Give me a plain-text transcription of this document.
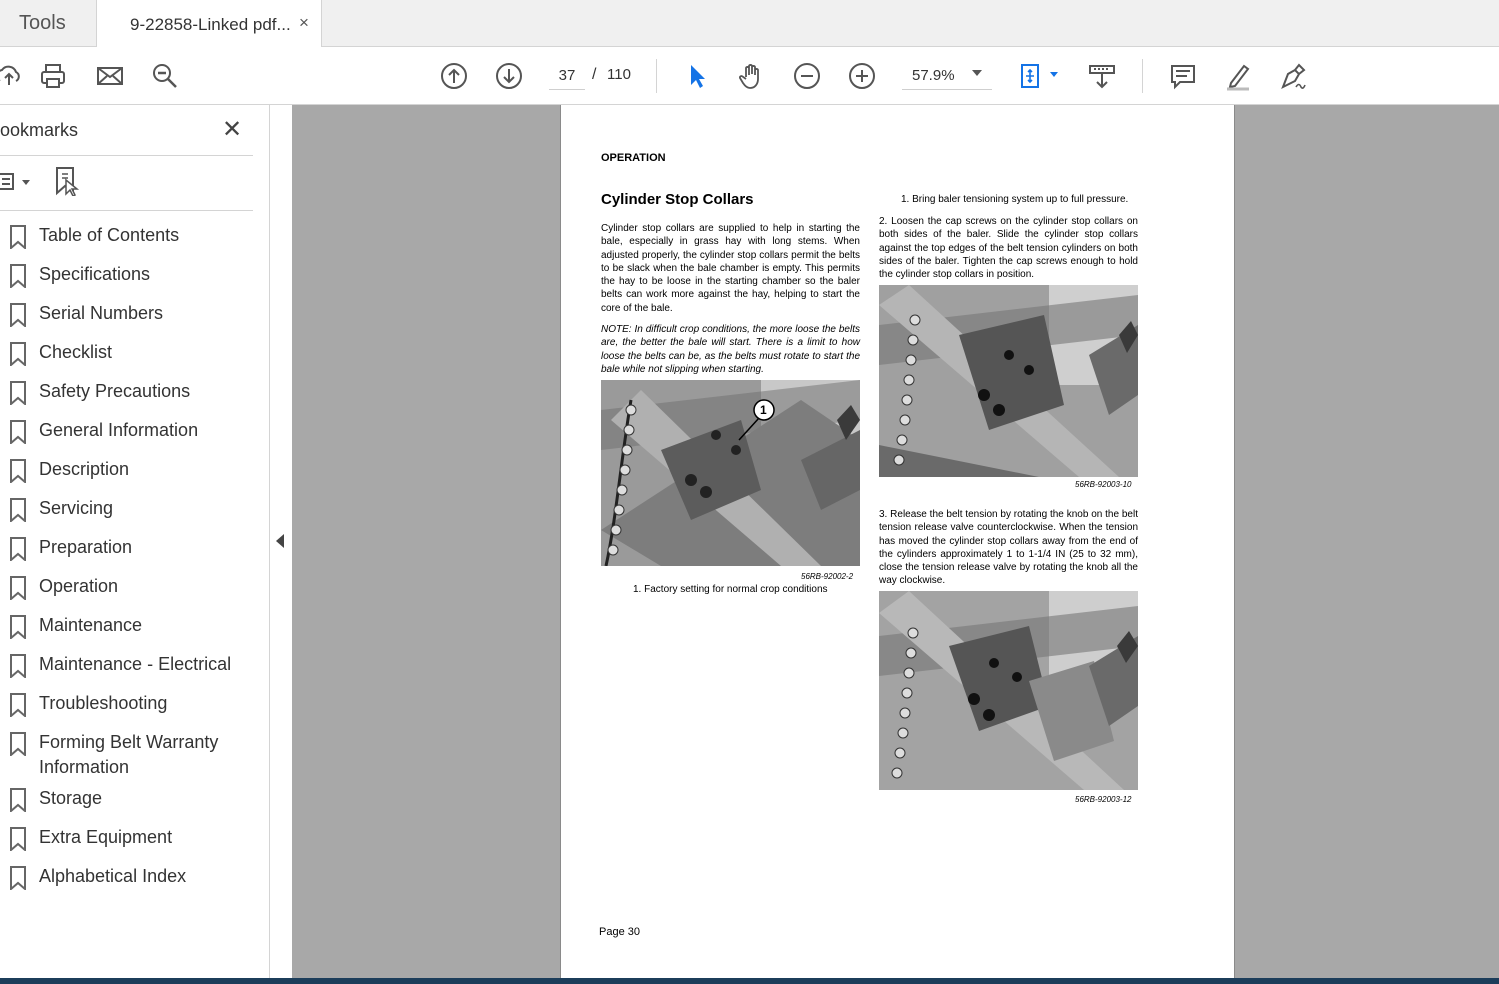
Tools	9-22858-Linked pdf... ×
37
/ 110	57.9%
ookmarks	✕
Table of Contents
Specifications
Serial Numbers
Checklist
Safety Precautions
General Information
Description
Servicing
Preparation
Operation
Maintenance
Maintenance - Electrical
Troubleshooting
Forming Belt Warranty Information
Storage
Extra Equipment
Alphabetical Index
OPERATION
Cylinder Stop Collars
Cylinder stop collars are supplied to help in starting the bale, especially in grass hay with long stems. When adjusted properly, the cylinder stop collars permit the belts to be slack when the bale chamber is empty. This permits the hay to be loose in the starting chamber so the baler belts can work more against the hay, helping to start the core of the bale.
NOTE: In difficult crop conditions, the more loose the belts are, the better the bale will start. There is a limit to how loose the belts can be, as the belts must rotate to start the bale while not slipping when starting.
1
56RB-92002-2
1. Factory setting for normal crop conditions
1. Bring baler tensioning system up to full pressure.
2. Loosen the cap screws on the cylinder stop collars on both sides of the baler. Slide the cylinder stop collars against the top edges of the belt tension cylinders on both sides of the baler. Tighten the cap screws enough to hold the cylinder stop collars in position.
56RB-92003-10
3. Release the belt tension by rotating the knob on the belt tension release valve counterclockwise. When the tension has moved the cylinder stop collars away from the end of the cylinders approximately 1 to 1-1/4 IN (25 to 32 mm), close the tension release valve by rotating the knob all the way clockwise.
56RB-92003-12
Page 30
